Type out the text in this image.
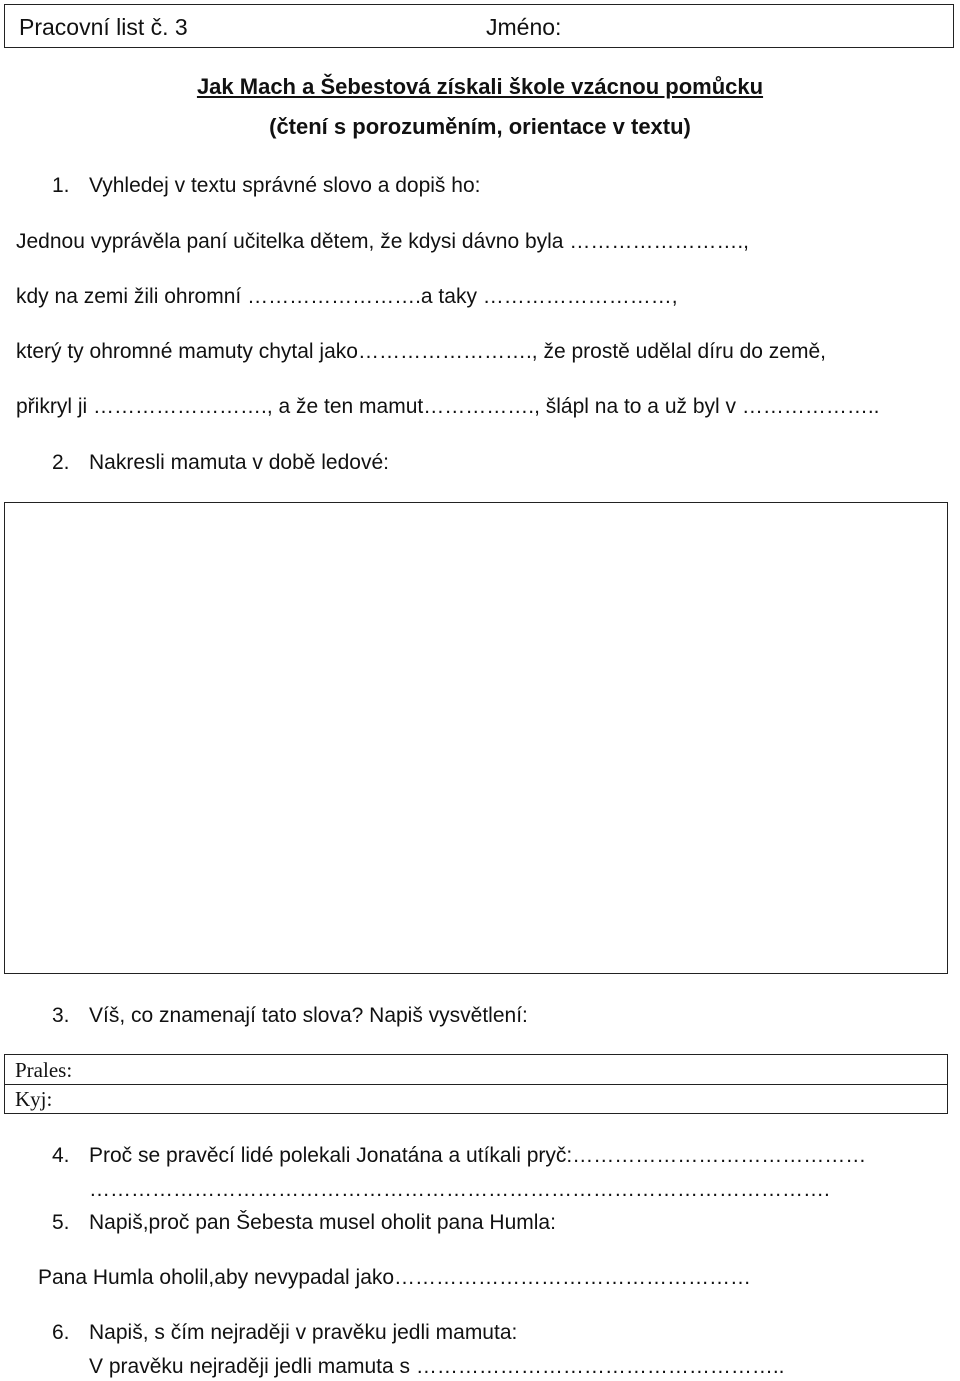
Pracovní list č. 3	Jméno:
Jak Mach a Šebestová získali škole vzácnou pomůcku
(čtení s porozuměním, orientace v textu)
1. Vyhledej v textu správné slovo a dopiš ho:
Jednou vyprávěla paní učitelka dětem, že kdysi dávno byla …………………….,
kdy na zemi žili ohromní …………………….a taky ………………………,
který ty ohromné mamuty chytal jako……………………., že prostě udělal díru do země,
přikryl ji ……………………., a že ten mamut……………., šlápl na to a už byl v ………………..
2. Nakresli mamuta v době ledové:
3. Víš, co znamenají tato slova? Napiš vysvětlení:
Prales:
Kyj:
4. Proč se pravěcí lidé polekali Jonatána a utíkali pryč:……………………………………
…………………………………………………………………………………………….
5. Napiš,proč pan Šebesta musel oholit pana Humla:
Pana Humla oholil,aby nevypadal jako……………………………………………
6. Napiš, s čím nejraději v pravěku jedli mamuta:
V pravěku nejraději jedli mamuta s ……………………………………………..
